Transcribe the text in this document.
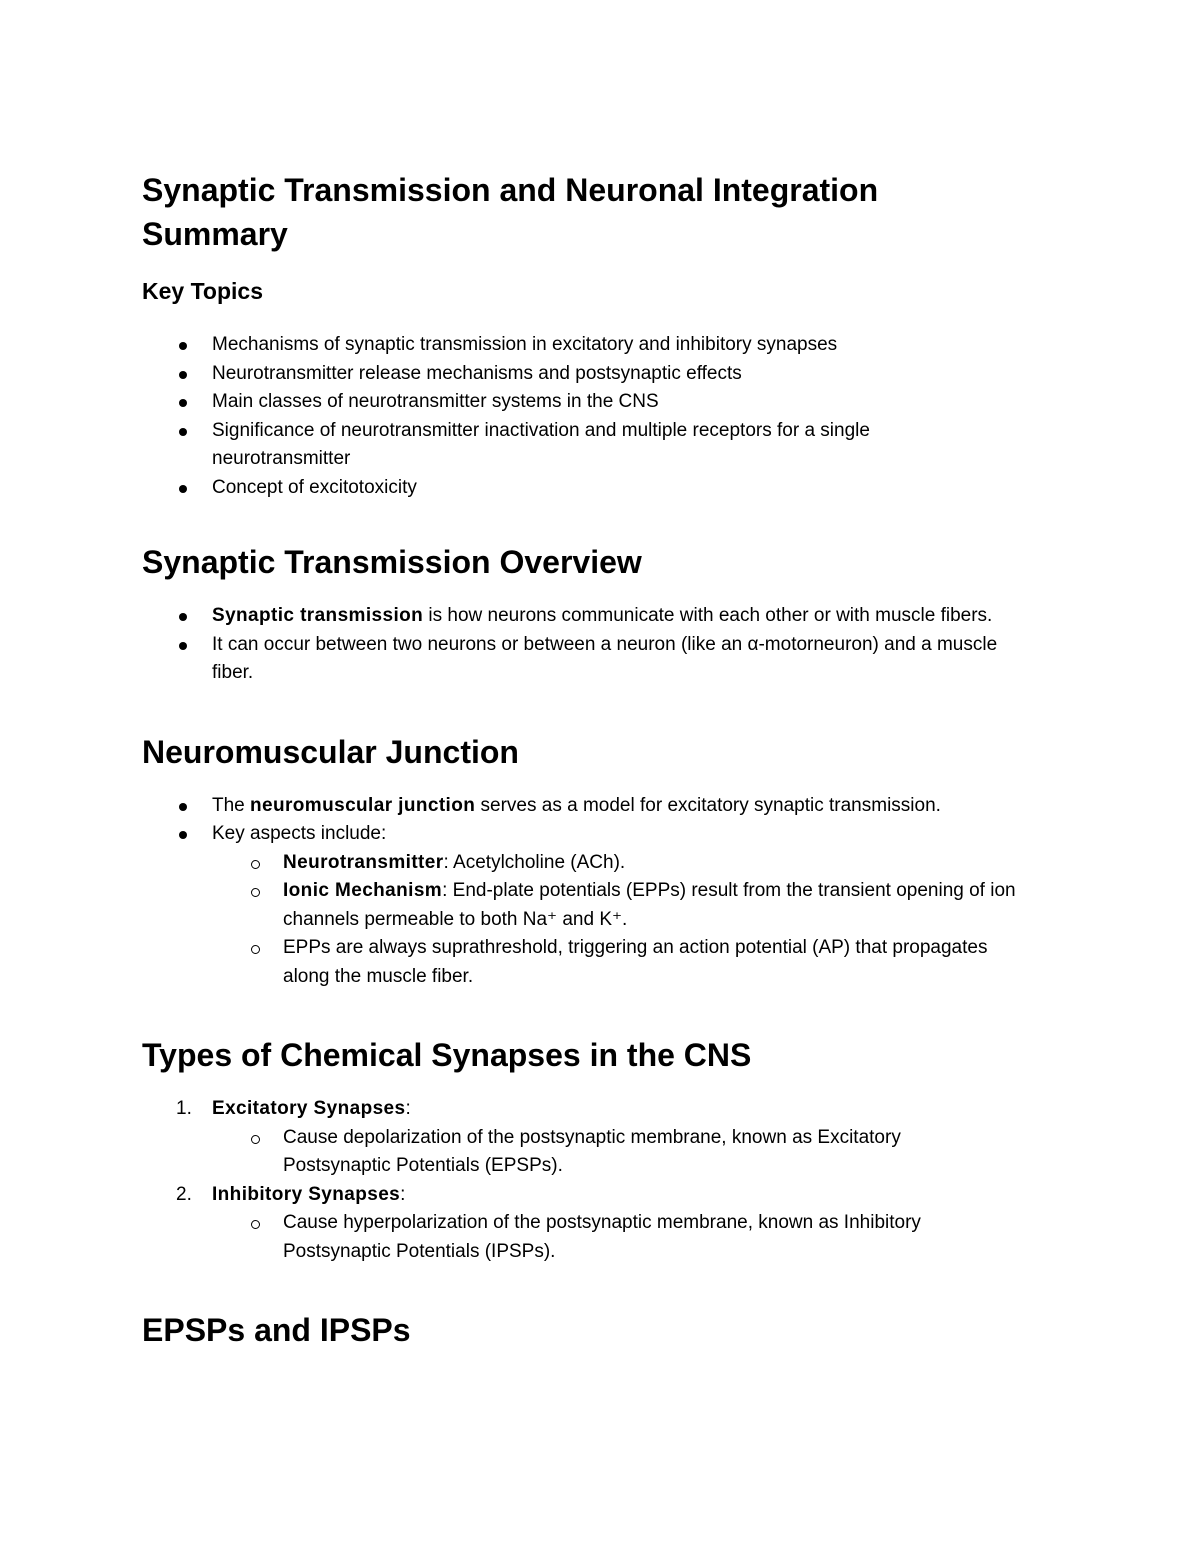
Synaptic Transmission and Neuronal Integration Summary
Key Topics
Mechanisms of synaptic transmission in excitatory and inhibitory synapses
Neurotransmitter release mechanisms and postsynaptic effects
Main classes of neurotransmitter systems in the CNS
Significance of neurotransmitter inactivation and multiple receptors for a single neurotransmitter
Concept of excitotoxicity
Synaptic Transmission Overview
Synaptic transmission is how neurons communicate with each other or with muscle fibers.
It can occur between two neurons or between a neuron (like an α-motorneuron) and a muscle fiber.
Neuromuscular Junction
The neuromuscular junction serves as a model for excitatory synaptic transmission.
Key aspects include:
Neurotransmitter: Acetylcholine (ACh).
Ionic Mechanism: End-plate potentials (EPPs) result from the transient opening of ion channels permeable to both Na⁺ and K⁺.
EPPs are always suprathreshold, triggering an action potential (AP) that propagates along the muscle fiber.
Types of Chemical Synapses in the CNS
1. Excitatory Synapses:
Cause depolarization of the postsynaptic membrane, known as Excitatory Postsynaptic Potentials (EPSPs).
2. Inhibitory Synapses:
Cause hyperpolarization of the postsynaptic membrane, known as Inhibitory Postsynaptic Potentials (IPSPs).
EPSPs and IPSPs
